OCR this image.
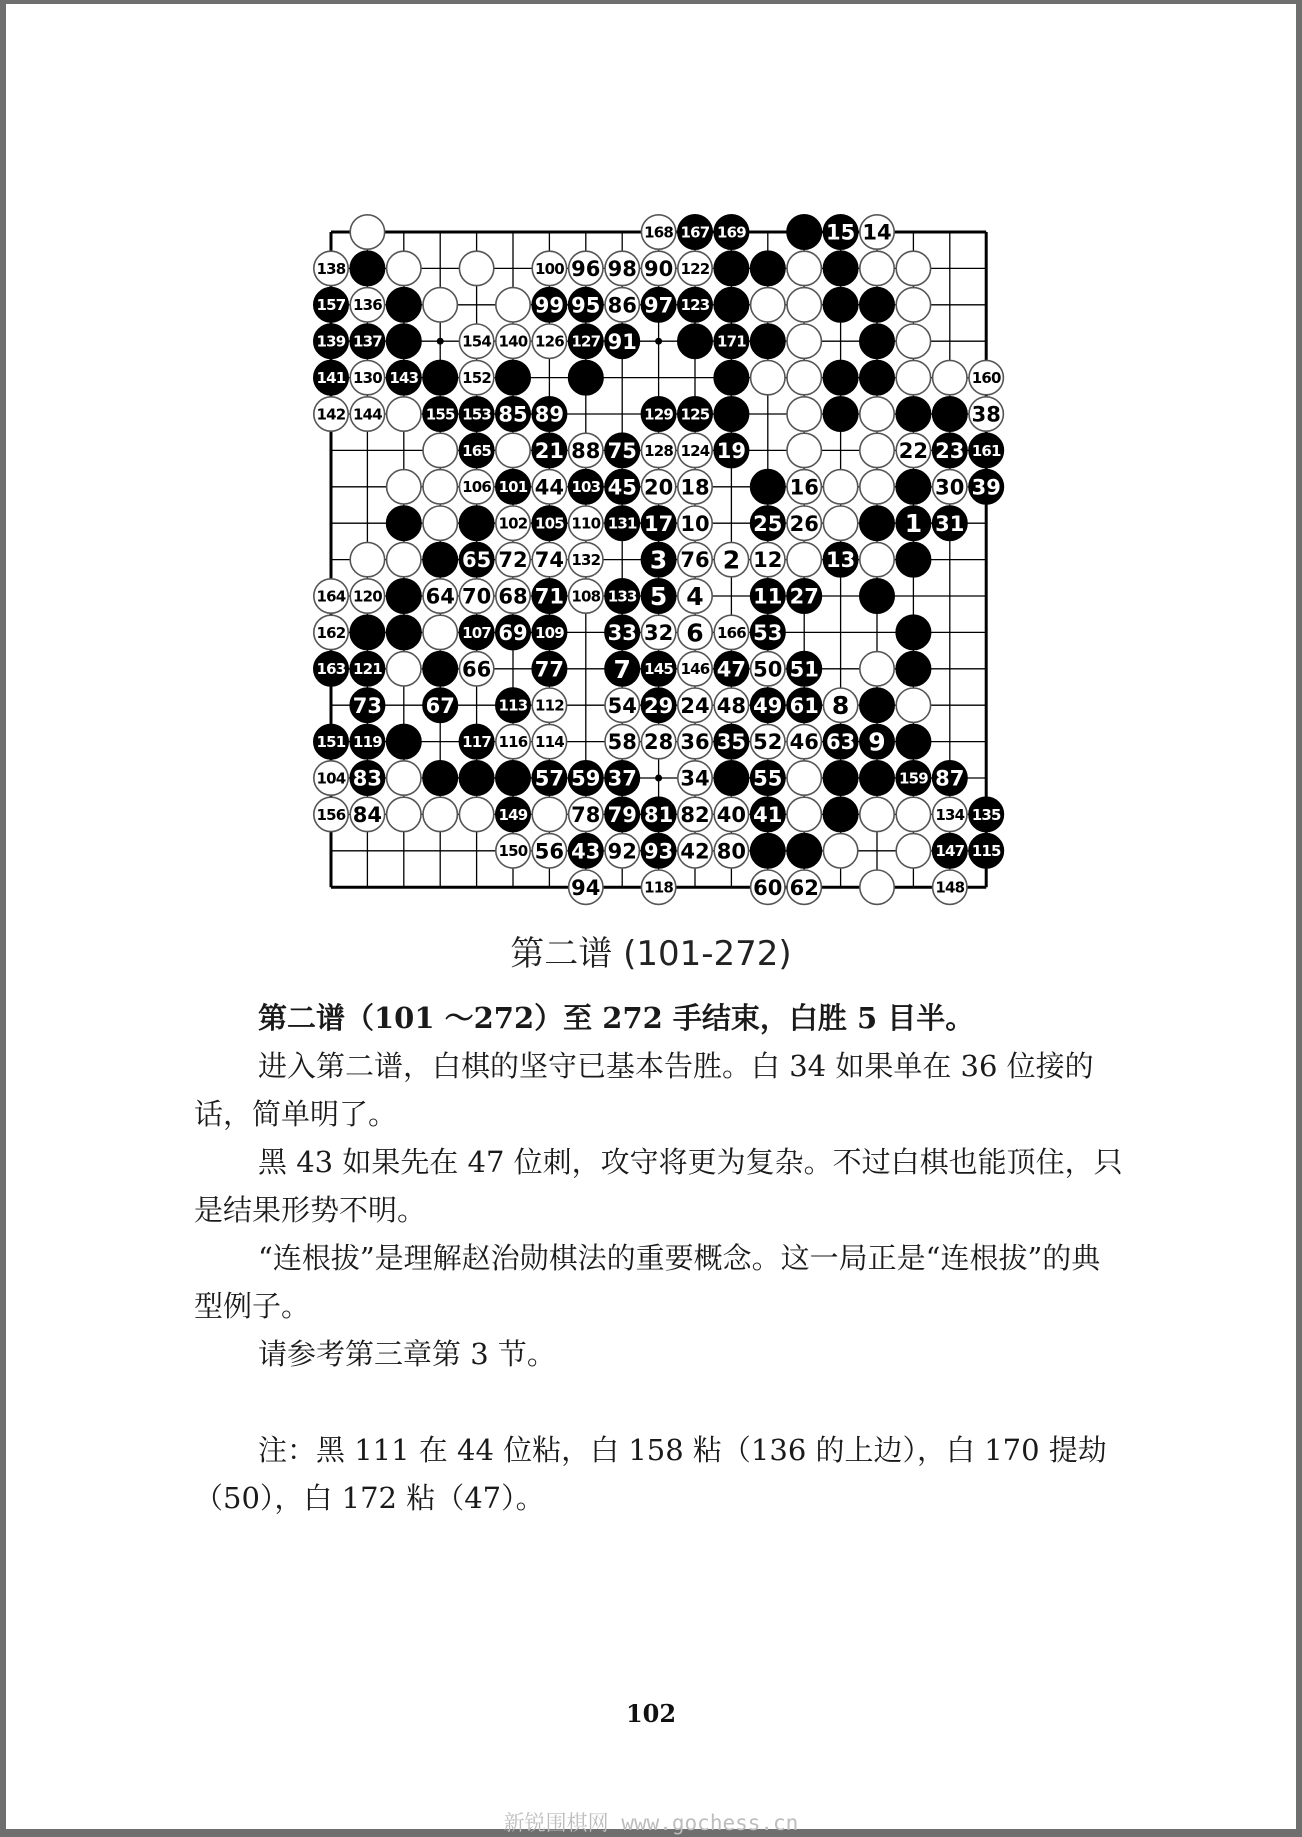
168 167 169	15 14
138	100 96 98 90 122
157 136	99 95 86 97 123
139 137	154 140 126 127 91	171
141 130 143	152	160
142 144	155 153 85 89	129 125	38
165 21 88 75 128 124 19	22 23 161
106 101 44 103 45 20 18	16	30 39
102 105 110 131 17 10 25 26	1 31
65 72 74 132 3 76 2 12 13
164 120 64 70 68 71 108 133 5 4 11 27
162	107 69 109 33 32 6 166 53
163 121	66 77 7 145 146 47 50 51
73 67	113 112 54 29 24 48 49 61 8
151 119	117 116 114 58 28 36 35 52 46 63 9
104 83	57 59 37 34 55	159 87
156 84	149 78 79 81 82 40 41	134 135
150 56 43 92 93 42 80	147 115
94	118	60 62	148
第二谱 (101-272)

第二谱（101 ～272）至 272 手结束，白胜 5 目半。

进入第二谱，白棋的坚守已基本告胜。白 34 如果单在 36 位接的话，简单明了。

黑 43 如果先在 47 位刺，攻守将更为复杂。不过白棋也能顶住，只是结果形势不明。

“连根拔”是理解赵治勋棋法的重要概念。这一局正是“连根拔”的典型例子。

请参考第三章第 3 节。

注：黑 111 在 44 位粘，白 158 粘（136 的上边），白 170 提劫（50），白 172 粘（47）。

102
新锐围棋网 www.gochess.cn
